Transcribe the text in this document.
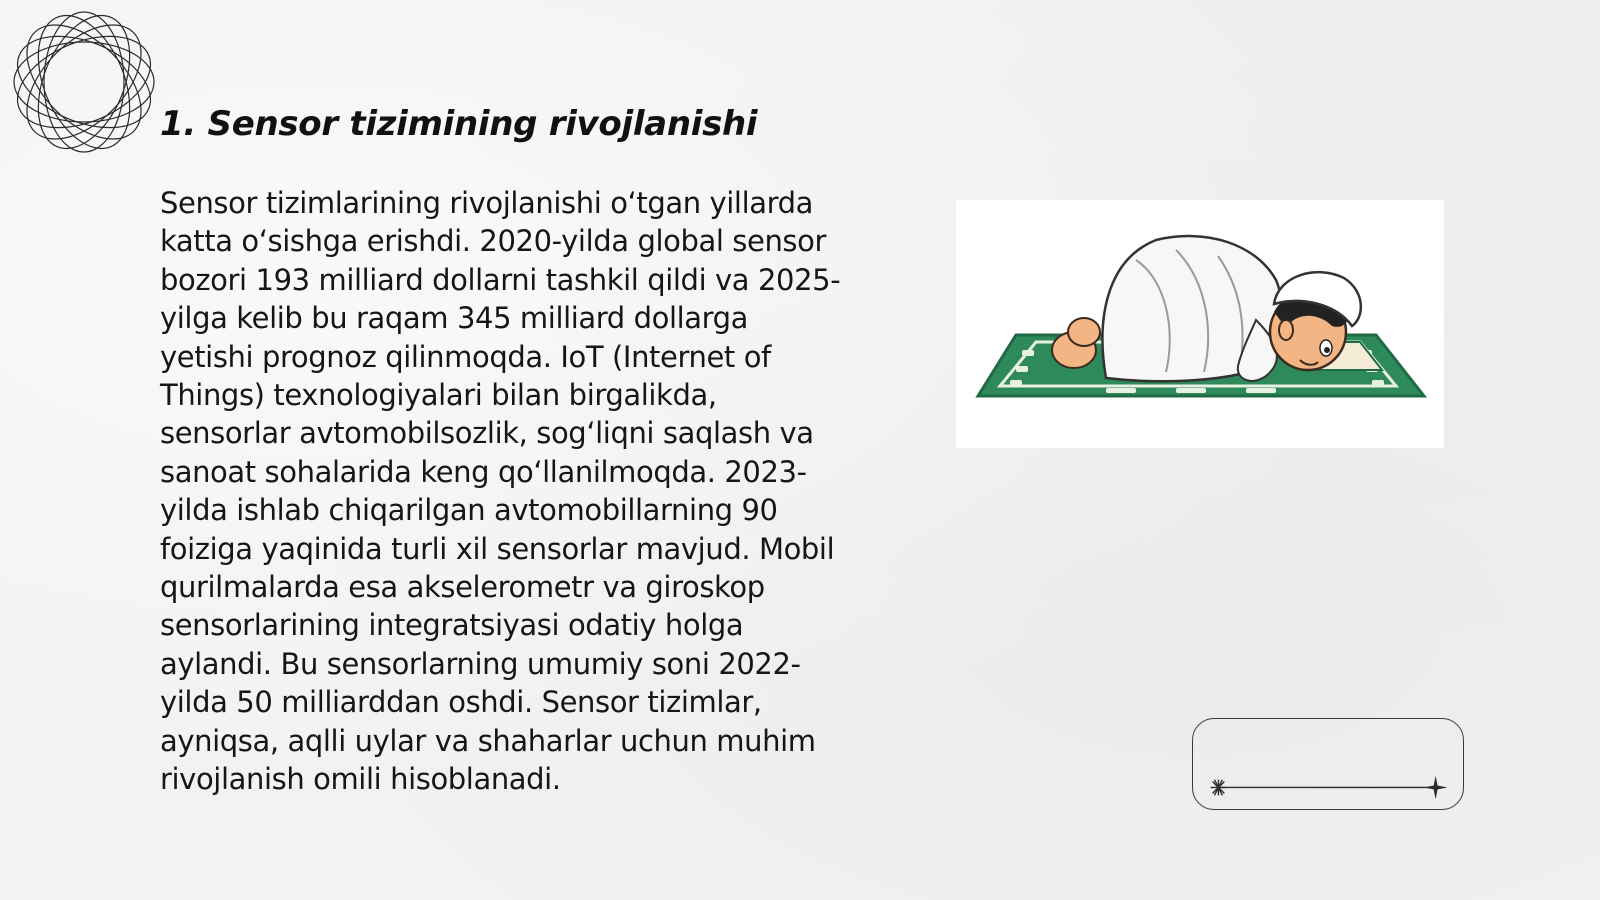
1. Sensor tizimining rivojlanishi

Sensor tizimlarining rivojlanishi o‘tgan yillarda katta o‘sishga erishdi. 2020-yilda global sensor bozori 193 milliard dollarni tashkil qildi va 2025-yilga kelib bu raqam 345 milliard dollarga yetishi prognoz qilinmoqda. IoT (Internet of Things) texnologiyalari bilan birgalikda, sensorlar avtomobilsozlik, sog‘liqni saqlash va sanoat sohalarida keng qo‘llanilmoqda. 2023-yilda ishlab chiqarilgan avtomobillarning 90 foiziga yaqinida turli xil sensorlar mavjud. Mobil qurilmalarda esa akselerometr va giroskop sensorlarining integratsiyasi odatiy holga aylandi. Bu sensorlarning umumiy soni 2022-yilda 50 milliarddan oshdi. Sensor tizimlar, ayniqsa, aqlli uylar va shaharlar uchun muhim rivojlanish omili hisoblanadi.
